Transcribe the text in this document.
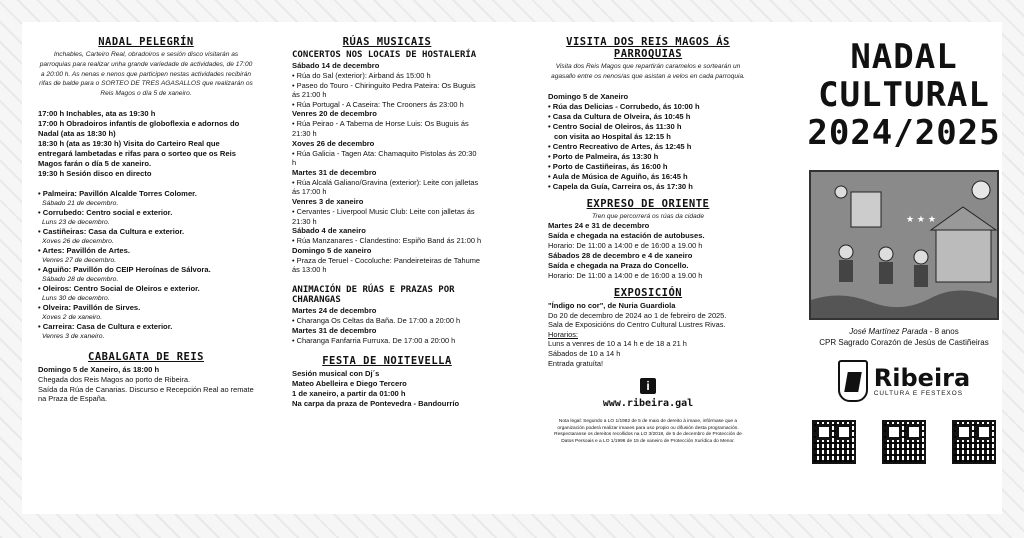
NADAL PELEGRÍN
Inchables, Carteiro Real, obradoiros e sesión disco visitarán as parroquias para realizar unha grande variedade de actividades, de 17:00 a 20:00 h. As nenas e nenos que participen nestas actividades recibirán rifas de balde para o SORTEO DE TRES AGASALLOS que realizarán os Reis Magos o día 5 de xaneiro.
17:00 h Inchables, ata as 19:30 h
17:00 h Obradoiros infantís de globoflexia e adornos do Nadal (ata as 18:30 h)
18:30 h (ata as 19:30 h) Visita do Carteiro Real que entregará lambetadas e rifas para o sorteo que os Reis Magos farán o día 5 de xaneiro.
19:30 h Sesión disco en directo
• Palmeira: Pavillón Alcalde Torres Colomer.
Sábado 21 de decembro.
• Corrubedo: Centro social e exterior.
Luns 23 de decembro.
• Castiñeiras: Casa da Cultura e exterior.
Xoves 26 de decembro.
• Artes: Pavillón de Artes.
Venres 27 de decembro.
• Aguiño: Pavillón do CEIP Heroínas de Sálvora.
Sábado 28 de decembro.
• Oleiros: Centro Social de Oleiros e exterior.
Luns 30 de decembro.
• Olveira: Pavillón de Sirves.
Xoves 2 de xaneiro.
• Carreira: Casa de Cultura e exterior.
Venres 3 de xaneiro.
CABALGATA DE REIS
Domingo 5 de Xaneiro, ás 18:00 h
Chegada dos Reis Magos ao porto de Ribeira.
Saída da Rúa de Canarias. Discurso e Recepción Real ao remate na Praza de España.
RÚAS MUSICAIS
CONCERTOS NOS LOCAIS DE HOSTALERÍA
Sábado 14 de decembro
• Rúa do Sal (exterior): Airband ás 15:00 h
• Paseo do Touro - Chiringuito Pedra Pateira: Os Buguis ás 21:00 h
• Rúa Portugal - A Caseira: The Crooners ás 23:00 h
Venres 20 de decembro
• Rúa Peirao - A Taberna de Horse Luis: Os Buguis ás 21:30 h
Xoves 26 de decembro
• Rúa Galicia - Tagen Ata: Chamaquito Pistolas ás 20:30 h
Martes 31 de decembro
• Rúa Alcalá Galiano/Gravina (exterior): Leite con jalletas ás 17:00 h
Venres 3 de xaneiro
• Cervantes - Liverpool Music Club: Leite con jalletas ás 21:30 h
Sábado 4 de xaneiro
• Rúa Manzanares - Clandestino: Espiño Band ás 21:00 h
Domingo 5 de xaneiro
• Praza de Teruel - Cocoluche: Pandeireteiras de Tahume ás 13:00 h
ANIMACIÓN DE RÚAS E PRAZAS POR CHARANGAS
Martes 24 de decembro
• Charanga Os Celtas da Baña. De 17:00 a 20:00 h
Martes 31 de decembro
• Charanga Fanfarria Furruxa. De 17:00 a 20:00 h
FESTA DE NOITEVELLA
Sesión musical con Dj´s
Mateo Abelleira e Diego Tercero
1 de xaneiro, a partir da 01:00 h
Na carpa da praza de Pontevedra - Bandourrío
VISITA DOS REIS MAGOS ÁS PARROQUIAS
Visita dos Reis Magos que repartirán caramelos e sortearán un agasallo entre os nenos/as que asistan a velos en cada parroquia.
Domingo 5 de Xaneiro
• Rúa das Delicias - Corrubedo, ás 10:00 h
• Casa da Cultura de Olveira, ás 10:45 h
• Centro Social de Oleiros, ás 11:30 h
con visita ao Hospital ás 12:15 h
• Centro Recreativo de Artes, ás 12:45 h
• Porto de Palmeira, ás 13:30 h
• Porto de Castiñeiras, ás 16:00 h
• Aula de Música de Aguiño, ás 16:45 h
• Capela da Guía, Carreira os, ás 17:30 h
EXPRESO DE ORIENTE
Tren que percorrerá os rúas da cidade
Martes 24 e 31 de decembro
Saída e chegada na estación de autobuses.
Horario: De 11:00 a 14:00 e de 16:00 a 19.00 h
Sábados 28 de decembro e 4 de xaneiro
Saída e chegada na Praza do Concello.
Horario: De 11:00 a 14:00 e de 16:00 a 19.00 h
EXPOSICIÓN
"Índigo no cor", de Nuria Guardiola
Do 20 de decembro de 2024 ao 1 de febreiro de 2025.
Sala de Exposicións do Centro Cultural Lustres Rivas.
Horarios:
Luns a venres de 10 a 14 h e de 18 a 21 h
Sábados de 10 a 14 h
Entrada gratuíta!
i
www.ribeira.gal
Nota legal: Segundo a LO 1/1982 de 5 de maio de dereito á imaxe, infórmase que a organización poderá realizar imaxes para uso propio ou difusión desta programación. Respectaranse os dereitos recollidos na LO 3/2018, de 5 de decembro de Protección de Datos Persoais e a LO 1/1996 de 15 de xaneiro de Protección Xurídica do Menor.
NADAL
CULTURAL
2024/2025
★ ★ ★
José Martínez Parada - 8 anos
CPR Sagrado Corazón de Jesús de Castiñeiras
Ribeira
CULTURA E FESTEXOS
